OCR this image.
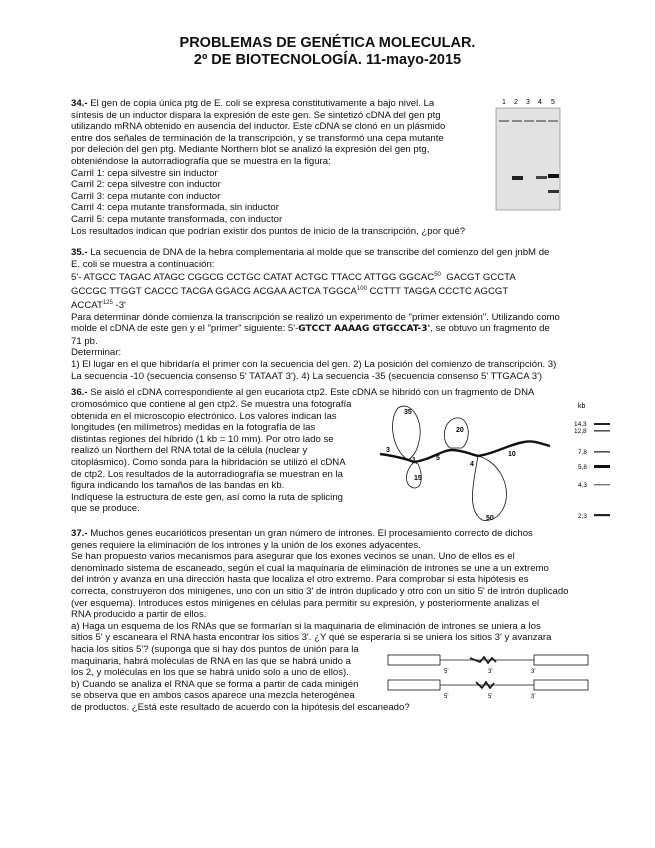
PROBLEMAS DE GENÉTICA MOLECULAR.
2º DE BIOTECNOLOGÍA. 11-mayo-2015
34.- El gen de copia única ptg de E. coli se expresa constitutivamente a bajo nivel. La
síntesis de un inductor dispara la expresión de este gen. Se sintetizó cDNA del gen ptg
utilizando mRNA obtenido en ausencia del inductor. Este cDNA se clonó en un plásmido
entre dos señales de terminación de la transcripción, y se transformó una cepa mutante
por deleción del gen ptg. Mediante Northern blot se analizó la expresión del gen ptg,
obteniéndose la autorradiografía que se muestra en la figura:
Carril 1: cepa silvestre sin inductor
Carril 2: cepa silvestre con inductor
Carril 3: cepa mutante con inductor
Carril 4: cepa mutante transformada, sin inductor
Carril 5: cepa mutante transformada, con inductor
Los resultados indican que podrían existir dos puntos de inicio de la transcripción, ¿por qué?
1 2 3 4 5
35.- La secuencia de DNA de la hebra complementaria al molde que se transcribe del comienzo del gen jnbM de
E. coli se muestra a continuación:
5'- ATGCC TAGAC ATAGC CGGCG CCTGC CATAT ACTGC TTACC ATTGG GGCAC$^{50}$ GACGT GCCTA
GCCGC TTGGT CACCC TACGA GGACG ACGAA ACTCA TGGCA$^{100}$ CCTTT TAGGA CCCTC AGCGT
ACCAT$^{125}$ -3'
Para determinar dónde comienza la transcripción se realizó un experimento de "primer extensión". Utilizando como
molde el cDNA de este gen y el "primer" siguiente: 5'-GTCCT AAAAG GTGCCAT-3', se obtuvo un fragmento de
71 pb.
Determinar:
1) El lugar en el que hibridaría el primer con la secuencia del gen. 2) La posición del comienzo de transcripción. 3)
La secuencia -10 (secuencia consenso 5' TATAAT 3'). 4) La secuencia -35 (secuencia consenso 5' TTGACA 3')
36.- Se aisló el cDNA correspondiente al gen eucariota ctp2. Este cDNA se hibridó con un fragmento de DNA
cromosómico que contiene al gen ctp2. Se muestra una fotografía
obtenida en el microscopio electrónico. Los valores indican las
longitudes (en milímetros) medidas en la fotografía de las
distintas regiones del híbrido (1 kb = 10 mm). Por otro lado se
realizó un Northern del RNA total de la célula (nuclear y
citoplásmico). Como sonda para la hibridación se utilizó el cDNA
de ctp2. Los resultados de la autorradiografía se muestran en la
figura indicando los tamaños de las bandas en kb.
Indíquese la estructura de este gen, así como la ruta de splicing
que se produce.
35
20
3
1	5
4
10
15
50
kb
14,3
12,8
7,8
5,8
4,3
2,3
37.- Muchos genes eucarióticos presentan un gran número de intrones. El procesamiento correcto de dichos
genes requiere la eliminación de los intrones y la unión de los exones adyacentes.
Se han propuesto varios mecanismos para asegurar que los exones vecinos se unan. Uno de ellos es el
denominado sistema de escaneado, según el cual la maquinaria de eliminación de intrones se une a un extremo
del intrón y avanza en una dirección hasta que localiza el otro extremo. Para comprobar si esta hipótesis es
correcta, construyeron dos minigenes, uno con un sitio 3' de intrón duplicado y otro con un sitio 5' de intrón duplicado
(ver esquema). Introduces estos minigenes en células para permitir su expresión, y posteriormente analizas el
RNA producido a partir de ellos.
a) Haga un esquema de los RNAs que se formarían si la maquinaria de eliminación de intrones se uniera a los
sitios 5' y escaneara el RNA hasta encontrar los sitios 3'. ¿Y qué se esperaría si se uniera los sitios 3' y avanzara
hacia los sitios 5'? (suponga que si hay dos puntos de unión para la
maquinaria, habrá moléculas de RNA en las que se habrá unido a
los 2, y moléculas en los que se habrá unido solo a uno de ellos).
b) Cuando se analiza el RNA que se forma a partir de cada minigén
se observa que en ambos casos aparece una mezcla heterogénea
de productos. ¿Está este resultado de acuerdo con la hipótesis del escaneado?
5'	3'	3'
5'	5'	3'
